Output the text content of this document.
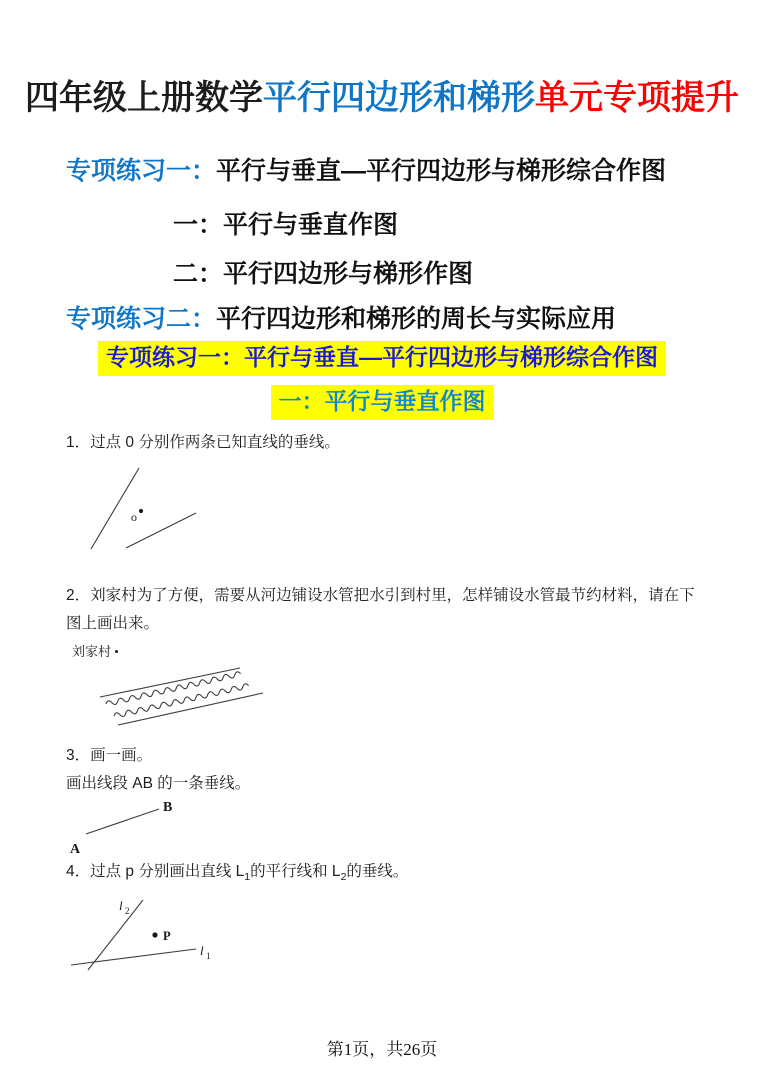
四年级上册数学平行四边形和梯形单元专项提升
专项练习一：平行与垂直—平行四边形与梯形综合作图
一：平行与垂直作图
二：平行四边形与梯形作图
专项练习二：平行四边形和梯形的周长与实际应用
专项练习一：平行与垂直—平行四边形与梯形综合作图
一：平行与垂直作图
1．过点 0 分别作两条已知直线的垂线。
o
2．刘家村为了方便，需要从河边铺设水管把水引到村里，怎样铺设水管最节约材料，请在下
图上画出来。
刘家村 •
3．画一画。
画出线段 AB 的一条垂线。
B
A
4．过点 p 分别画出直线 $L_1$的平行线和 $L_2$的垂线。
l 2
l 1
P
第1页，共26页
